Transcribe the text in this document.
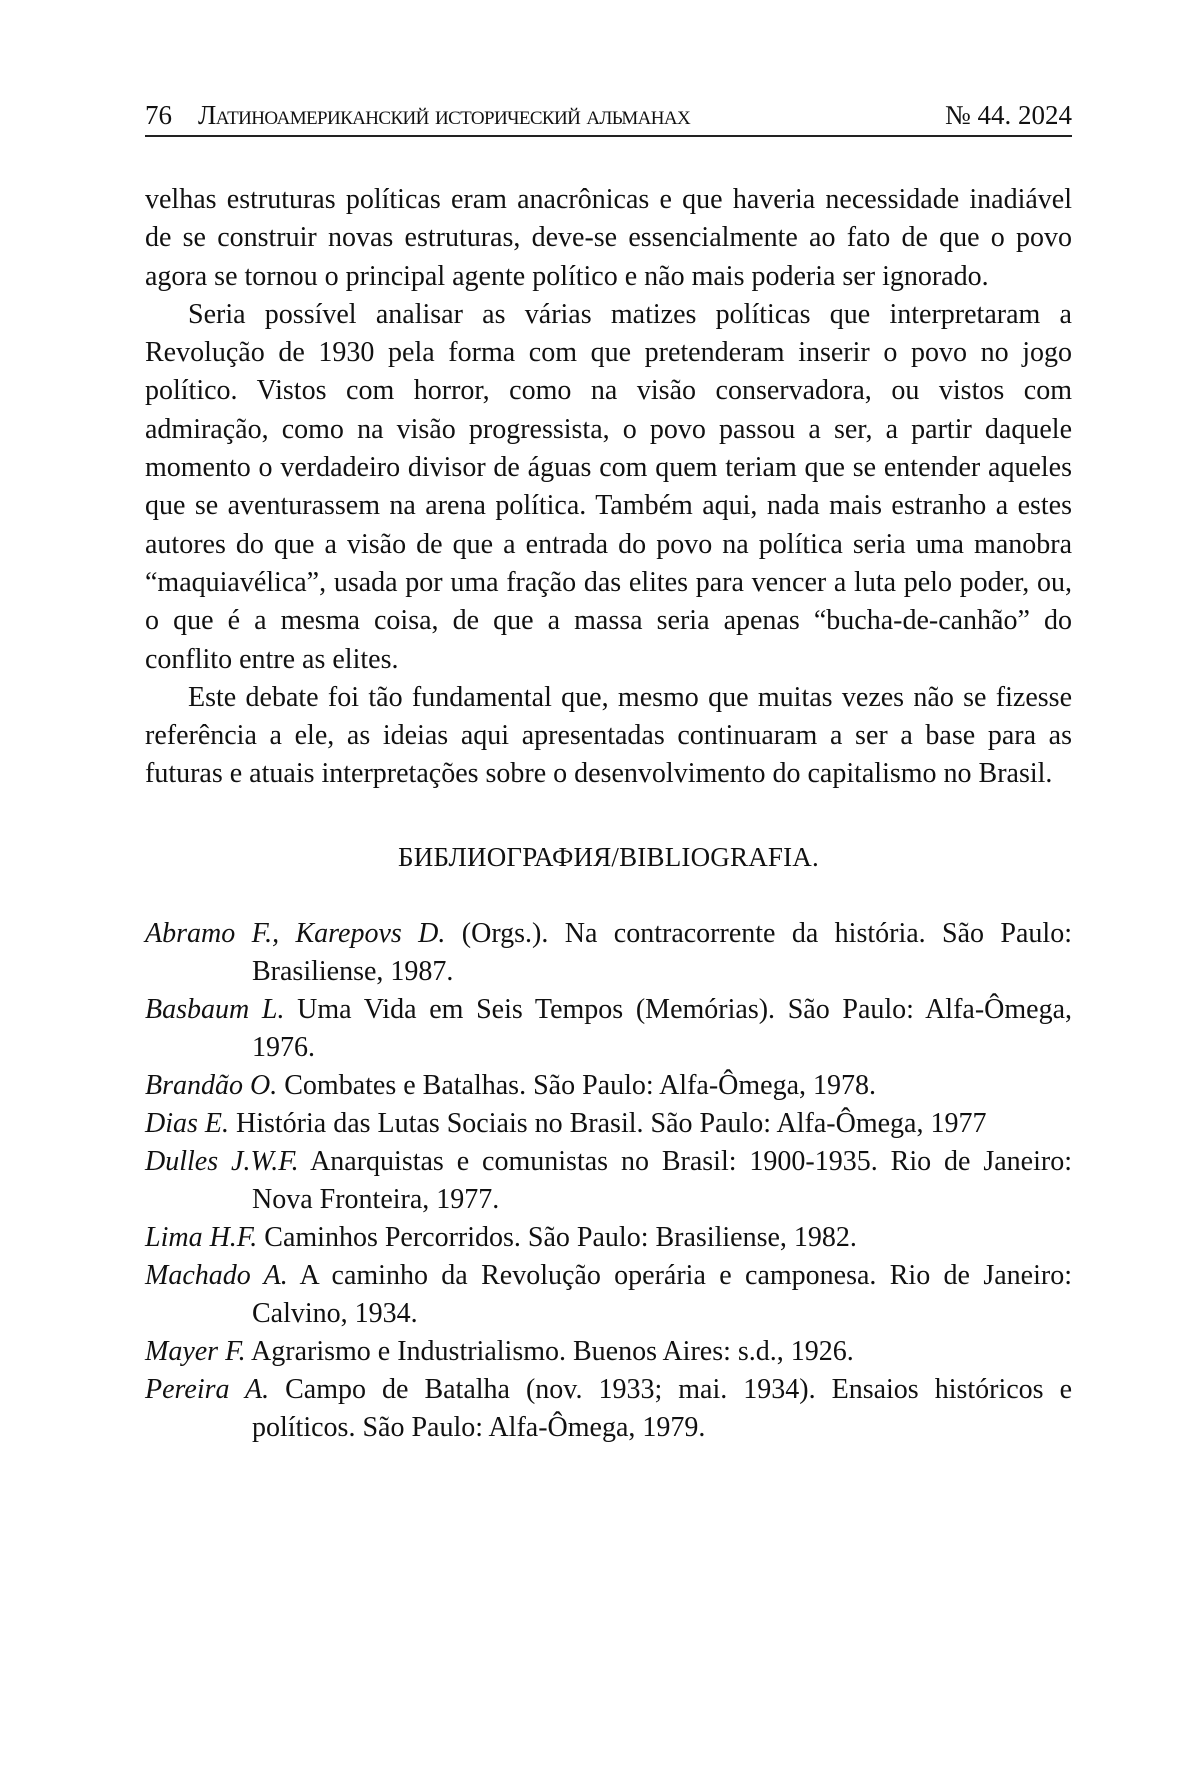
76 Латиноамериканский исторический альманах	№ 44. 2024

velhas estruturas políticas eram anacrônicas e que haveria necessidade inadiável de se construir novas estruturas, deve-se essencialmente ao fato de que o povo agora se tornou o principal agente político e não mais poderia ser ignorado.

Seria possível analisar as várias matizes políticas que interpretaram a Revolução de 1930 pela forma com que pretenderam inserir o povo no jogo político. Vistos com horror, como na visão conservadora, ou vistos com admiração, como na visão progressista, o povo passou a ser, a partir daquele momento o verdadeiro divisor de águas com quem teriam que se entender aqueles que se aventurassem na arena política. Também aqui, nada mais estranho a estes autores do que a visão de que a entrada do povo na política seria uma manobra “maquiavélica”, usada por uma fração das elites para vencer a luta pelo poder, ou, o que é a mesma coisa, de que a massa seria apenas “bucha-de-canhão” do conflito entre as elites.

Este debate foi tão fundamental que, mesmo que muitas vezes não se fizesse referência a ele, as ideias aqui apresentadas continuaram a ser a base para as futuras e atuais interpretações sobre o desenvolvimento do capitalismo no Brasil.

БИБЛИОГРАФИЯ/BIBLIOGRAFIA.

Abramo F., Karepovs D. (Orgs.). Na contracorrente da história. São Paulo: Brasiliense, 1987.

Basbaum L. Uma Vida em Seis Tempos (Memórias). São Paulo: Alfa-Ômega, 1976.

Brandão O. Combates e Batalhas. São Paulo: Alfa-Ômega, 1978.

Dias E. História das Lutas Sociais no Brasil. São Paulo: Alfa-Ômega, 1977

Dulles J.W.F. Anarquistas e comunistas no Brasil: 1900-1935. Rio de Janeiro: Nova Fronteira, 1977.

Lima H.F. Caminhos Percorridos. São Paulo: Brasiliense, 1982.

Machado A. A caminho da Revolução operária e camponesa. Rio de Janeiro: Calvino, 1934.

Mayer F. Agrarismo e Industrialismo. Buenos Aires: s.d., 1926.

Pereira A. Campo de Batalha (nov. 1933; mai. 1934). Ensaios históricos e políticos. São Paulo: Alfa-Ômega, 1979.
